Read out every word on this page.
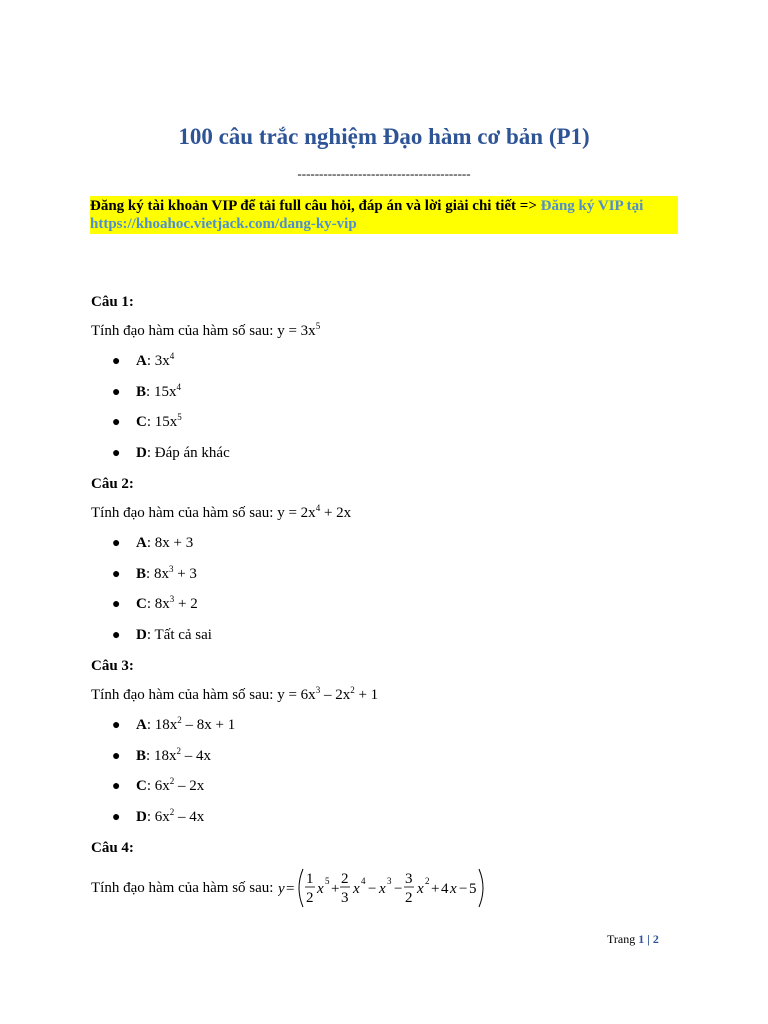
100 câu trắc nghiệm Đạo hàm cơ bản (P1)
----------------------------------------
Đăng ký tài khoản VIP để tải full câu hỏi, đáp án và lời giải chi tiết => Đăng ký VIP tại https://khoahoc.vietjack.com/dang-ky-vip
Câu 1:
Tính đạo hàm của hàm số sau: $y = 3x^5$
● A: $3x^4$
● B: $15x^4$
● C: $15x^5$
● D: Đáp án khác
Câu 2:
Tính đạo hàm của hàm số sau: $y = 2x^4 + 2x$
● A: 8x + 3
● B: $8x^3 + 3$
● C: $8x^3 + 2$
● D: Tất cả sai
Câu 3:
Tính đạo hàm của hàm số sau: $y = 6x^3 - 2x^2 + 1$
● A: $18x^2 - 8x + 1$
● B: $18x^2 - 4x$
● C: $6x^2 - 2x$
● D: $6x^2 - 4x$
Câu 4:
Tính đạo hàm của hàm số sau: y =
1
2
x 5 +
2
3
x 4 − x 3 −
3
2
x 2 + 4 x − 5
Trang 1 | 2
